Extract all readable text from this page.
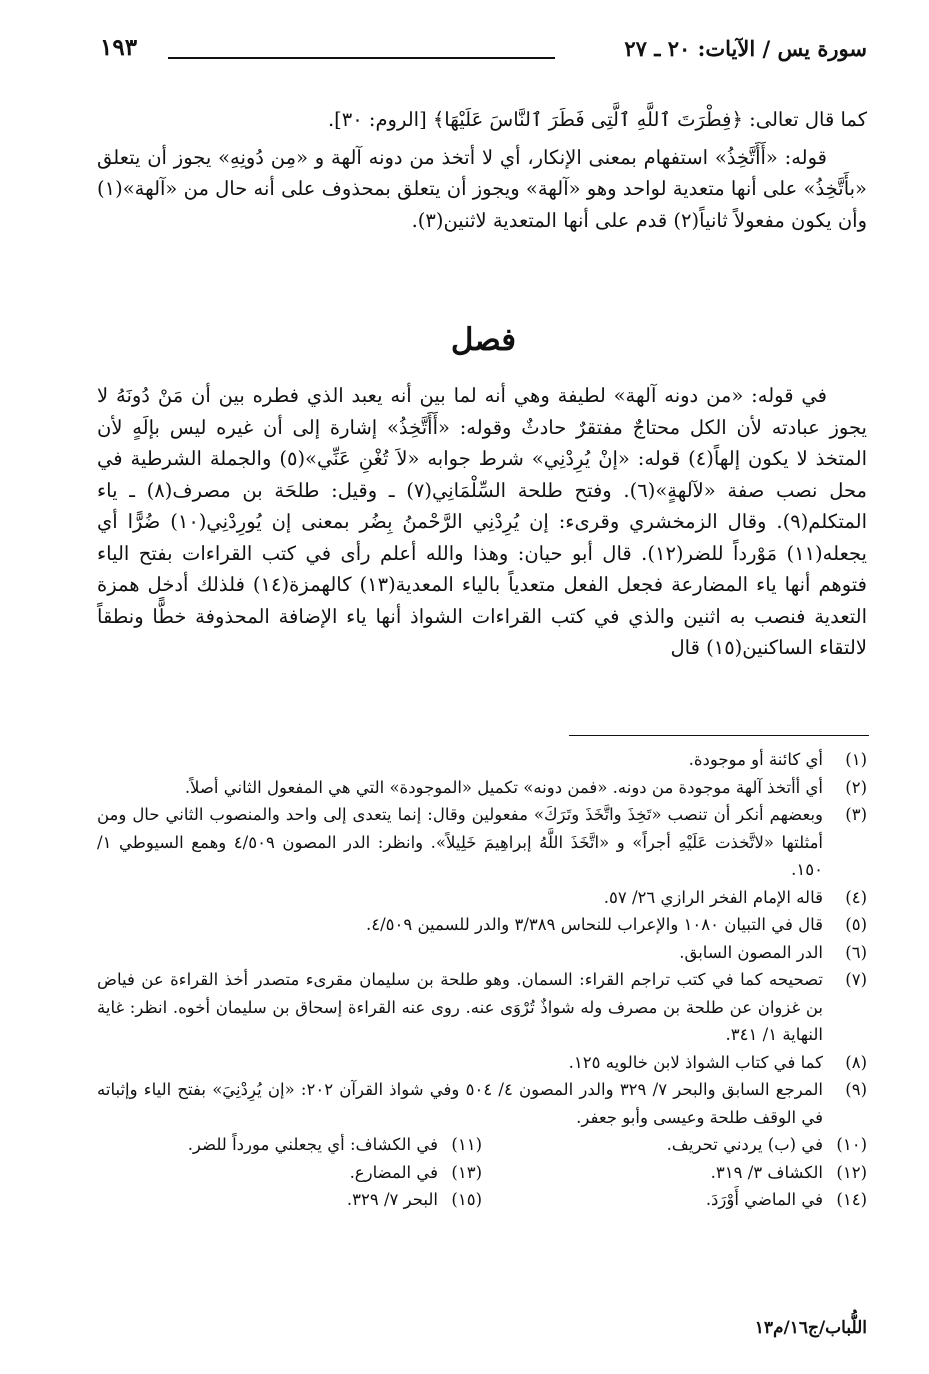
سورة يس / الآيات: ٢٠ ـ ٢٧
١٩٣

كما قال تعالى: ﴿فِطْرَتَ ٱللَّهِ ٱلَّتِى فَطَرَ ٱلنَّاسَ عَلَيْهَا﴾ [الروم: ٣٠].

قوله: «أَأَتَّخِذُ» استفهام بمعنى الإنكار، أي لا أتخذ من دونه آلهة و «مِن دُونِهِ» يجوز أن يتعلق «بأَتَّخِذُ» على أنها متعدية لواحد وهو «آلهة» ويجوز أن يتعلق بمحذوف على أنه حال من «آلهة»(١) وأن يكون مفعولاً ثانياً(٢) قدم على أنها المتعدية لاثنين(٣).

فصل

في قوله: «من دونه آلهة» لطيفة وهي أنه لما بين أنه يعبد الذي فطره بين أن مَنْ دُونَهُ لا يجوز عبادته لأن الكل محتاجٌ مفتقرٌ حادثٌ وقوله: «أَأَتَّخِذُ» إشارة إلى أن غيره ليس بإلَهٍ لأن المتخذ لا يكون إلهاً(٤) قوله: «إنْ يُرِدْنِي» شرط جوابه «لاَ تُغْنِ عَنِّي»(٥) والجملة الشرطية في محل نصب صفة «لآلهةٍ»(٦). وفتح طلحة السِّلْمَانِي(٧) ـ وقيل: طلحَة بن مصرف(٨) ـ ياء المتكلم(٩). وقال الزمخشري وقرىء: إن يُرِدْنِي الرَّحْمنُ بِضُر بمعنى إن يُورِدْنِي(١٠) ضُرًّا أي يجعله(١١) مَوْرداً للضر(١٢). قال أبو حيان: وهذا والله أعلم رأى في كتب القراءات بفتح الياء فتوهم أنها ياء المضارعة فجعل الفعل متعدياً بالياء المعدية(١٣) كالهمزة(١٤) فلذلك أدخل همزة التعدية فنصب به اثنين والذي في كتب القراءات الشواذ أنها ياء الإضافة المحذوفة خطًّا ونطقاً لالتقاء الساكنين(١٥) قال

(١)
أي كائنة أو موجودة.
(٢)
أي أأتخذ آلهة موجودة من دونه. «فمن دونه» تكميل «الموجودة» التي هي المفعول الثاني أصلاً.
(٣)
وبعضهم أنكر أن تنصب «تَخِذَ واتَّخَذَ وتَرَكَ» مفعولين وقال: إنما يتعدى إلى واحد والمنصوب الثاني حال ومن أمثلتها «لاتَّخذت عَلَيْهِ أجراً» و «اتَّخَذَ اللَّهُ إبراهِيمَ خَلِيلاً». وانظر: الدر المصون ٤/٥٠٩ وهمع السيوطي ١/ ١٥٠.
(٤)
قاله الإمام الفخر الرازي ٢٦/ ٥٧.
(٥)
قال في التبيان ١٠٨٠ والإعراب للنحاس ٣/٣٨٩ والدر للسمين ٤/٥٠٩.
(٦)
الدر المصون السابق.
(٧)
تصحيحه كما في كتب تراجم القراء: السمان. وهو طلحة بن سليمان مقرىء متصدر أخذ القراءة عن فياض بن غزوان عن طلحة بن مصرف وله شواذٌ تُرْوَى عنه. روى عنه القراءة إسحاق بن سليمان أخوه. انظر: غاية النهاية ١/ ٣٤١.
(٨)
كما في كتاب الشواذ لابن خالويه ١٢٥.
(٩)
المرجع السابق والبحر ٧/ ٣٢٩ والدر المصون ٤/ ٥٠٤ وفي شواذ القرآن ٢٠٢: «إن يُرِدْنِيَ» بفتح الياء وإثباته في الوقف طلحة وعيسى وأبو جعفر.
(١٠)
في (ب) يردني تحريف.
(١١)
في الكشاف: أي يجعلني مورداً للضر.
(١٢)
الكشاف ٣/ ٣١٩.
(١٣)
في المضارع.
(١٤)
في الماضي أَوْرَدَ.
(١٥)
البحر ٧/ ٣٢٩.
اللُّباب/ج١٦/م١٣
